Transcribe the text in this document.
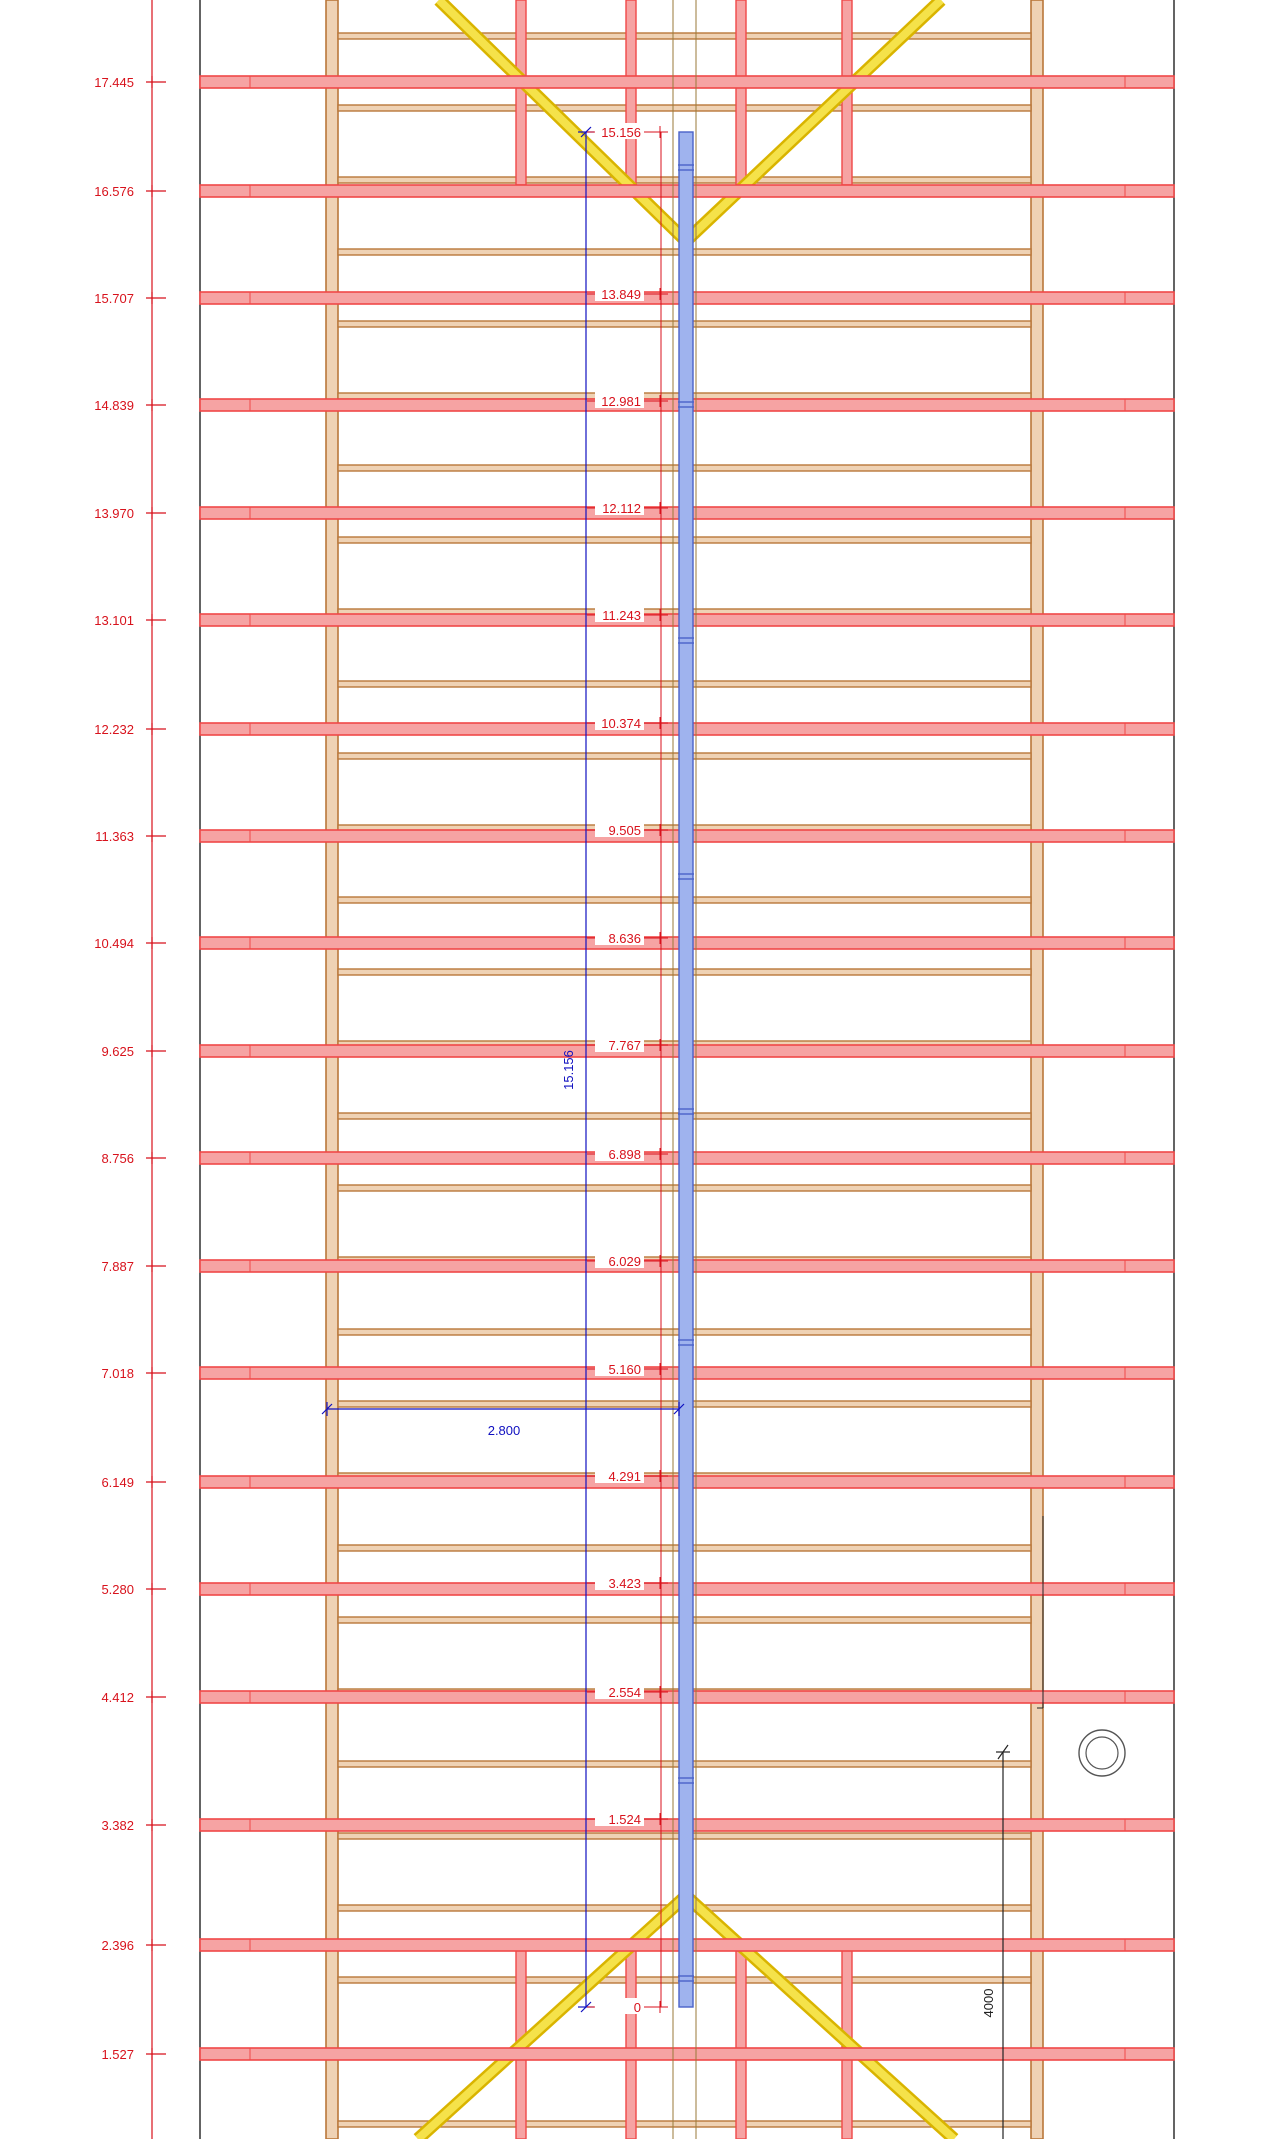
15.156
2.800
17.445
16.576
15.707
14.839
13.970
13.101
12.232
11.363
10.494
9.625
8.756
7.887
7.018
6.149
5.280
4.412
3.382
2.396
1.527
15.156
13.849
12.981
12.112
11.243
10.374
9.505
8.636
7.767
6.898
6.029
5.160
4.291
3.423
2.554
1.524
0	4000
